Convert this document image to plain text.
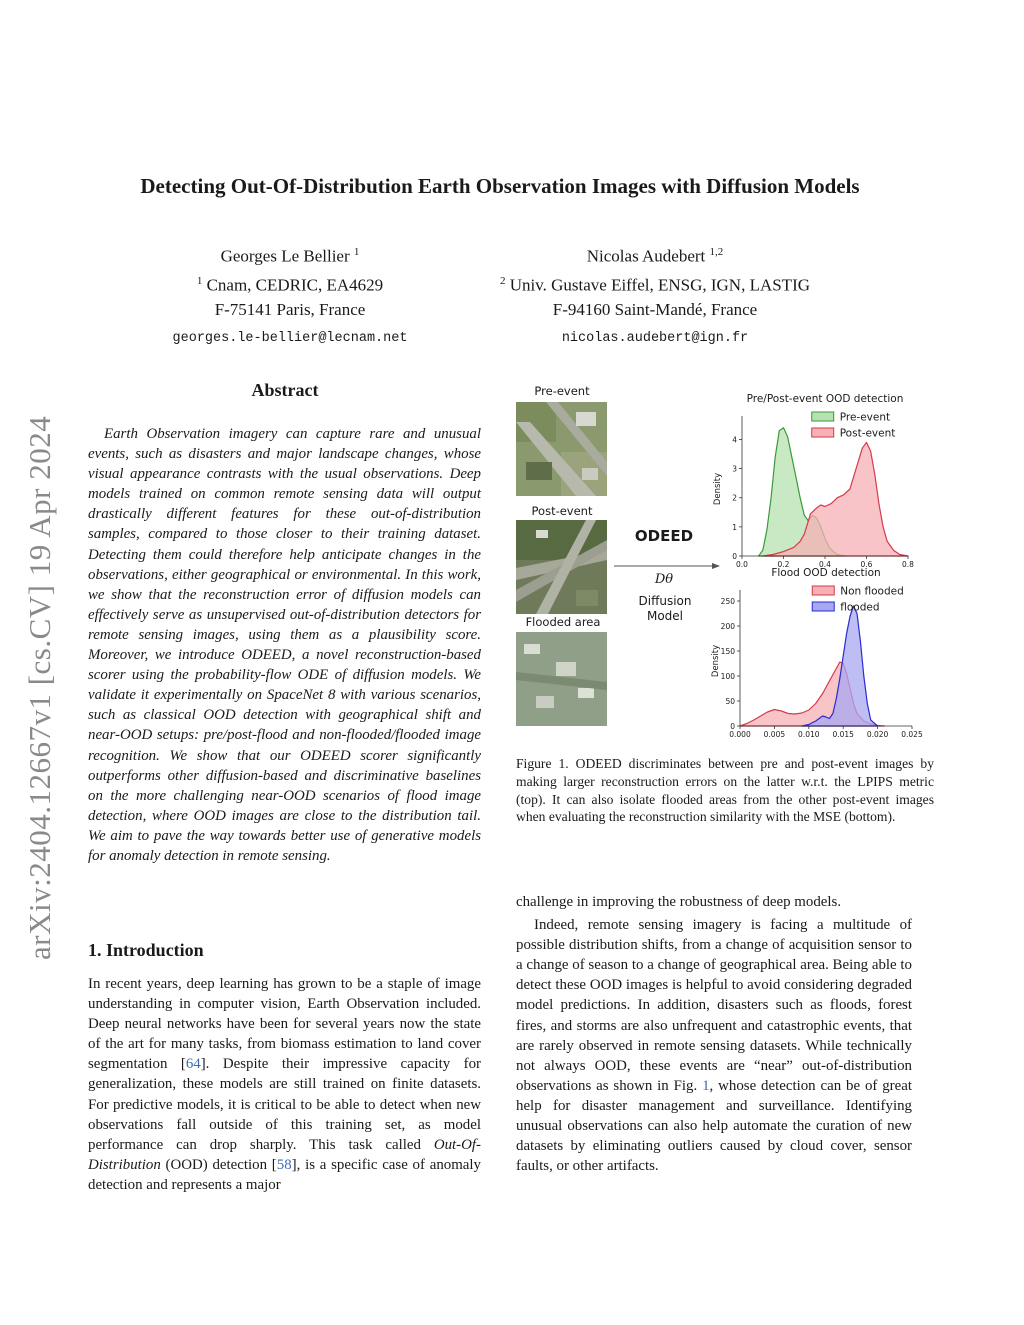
arXiv:2404.12667v1 [cs.CV] 19 Apr 2024
Detecting Out-Of-Distribution Earth Observation Images with Diffusion Models
Georges Le Bellier $^1$
$^1$ Cnam, CEDRIC, EA4629
F-75141 Paris, France
georges.le-bellier@lecnam.net
Nicolas Audebert $^{1,2}$
$^2$ Univ. Gustave Eiffel, ENSG, IGN, LASTIG
F-94160 Saint-Mandé, France
nicolas.audebert@ign.fr
Abstract
Earth Observation imagery can capture rare and unusual events, such as disasters and major landscape changes, whose visual appearance contrasts with the usual observations. Deep models trained on common remote sensing data will output drastically different features for these out-of-distribution samples, compared to those closer to their training dataset. Detecting them could therefore help anticipate changes in the observations, either geographical or environmental. In this work, we show that the reconstruction error of diffusion models can effectively serve as unsupervised out-of-distribution detectors for remote sensing images, using them as a plausibility score. Moreover, we introduce ODEED, a novel reconstruction-based scorer using the probability-flow ODE of diffusion models. We validate it experimentally on SpaceNet 8 with various scenarios, such as classical OOD detection with geographical shift and near-OOD setups: pre/post-flood and non-flooded/flooded image recognition. We show that our ODEED scorer significantly outperforms other diffusion-based and discriminative baselines on the more challenging near-OOD scenarios of flood image detection, where OOD images are close to the distribution tail. We aim to pave the way towards better use of generative models for anomaly detection in remote sensing.
1. Introduction
In recent years, deep learning has grown to be a staple of image understanding in computer vision, Earth Observation included. Deep neural networks have been for several years now the state of the art for many tasks, from biomass estimation to land cover segmentation [64]. Despite their impressive capacity for generalization, these models are still trained on finite datasets. For predictive models, it is critical to be able to detect when new observations fall outside of this training set, as model performance can drop sharply. This task called Out-Of-Distribution (OOD) detection [58], is a specific case of anomaly detection and represents a major
Pre-event
Post-event
Flooded area
ODEED
Dθ
Diffusion
Model
Pre/Post-event OOD detection
Density
0.0	0.2	0.4	0.6	0.8
0
1
2
3
4
Pre-event
Post-event
Flood OOD detection
Density
0.000 0.005 0.010 0.015 0.020 0.025
0
50
100
150
200
250
Non flooded
flooded
Figure 1. ODEED discriminates between pre and post-event images by making larger reconstruction errors on the latter w.r.t. the LPIPS metric (top). It can also isolate flooded areas from the other post-event images when evaluating the reconstruction similarity with the MSE (bottom).

challenge in improving the robustness of deep models.

Indeed, remote sensing imagery is facing a multitude of possible distribution shifts, from a change of acquisition sensor to a change of season to a change of geographical area. Being able to detect these OOD images is helpful to avoid considering degraded model predictions. In addition, disasters such as floods, forest fires, and storms are also unfrequent and catastrophic events, that are rarely observed in remote sensing datasets. While technically not always OOD, these events are “near” out-of-distribution observations as shown in Fig. 1, whose detection can be of great help for disaster management and surveillance. Identifying unusual observations can also help automate the curation of new datasets by eliminating outliers caused by cloud cover, sensor faults, or other artifacts.
